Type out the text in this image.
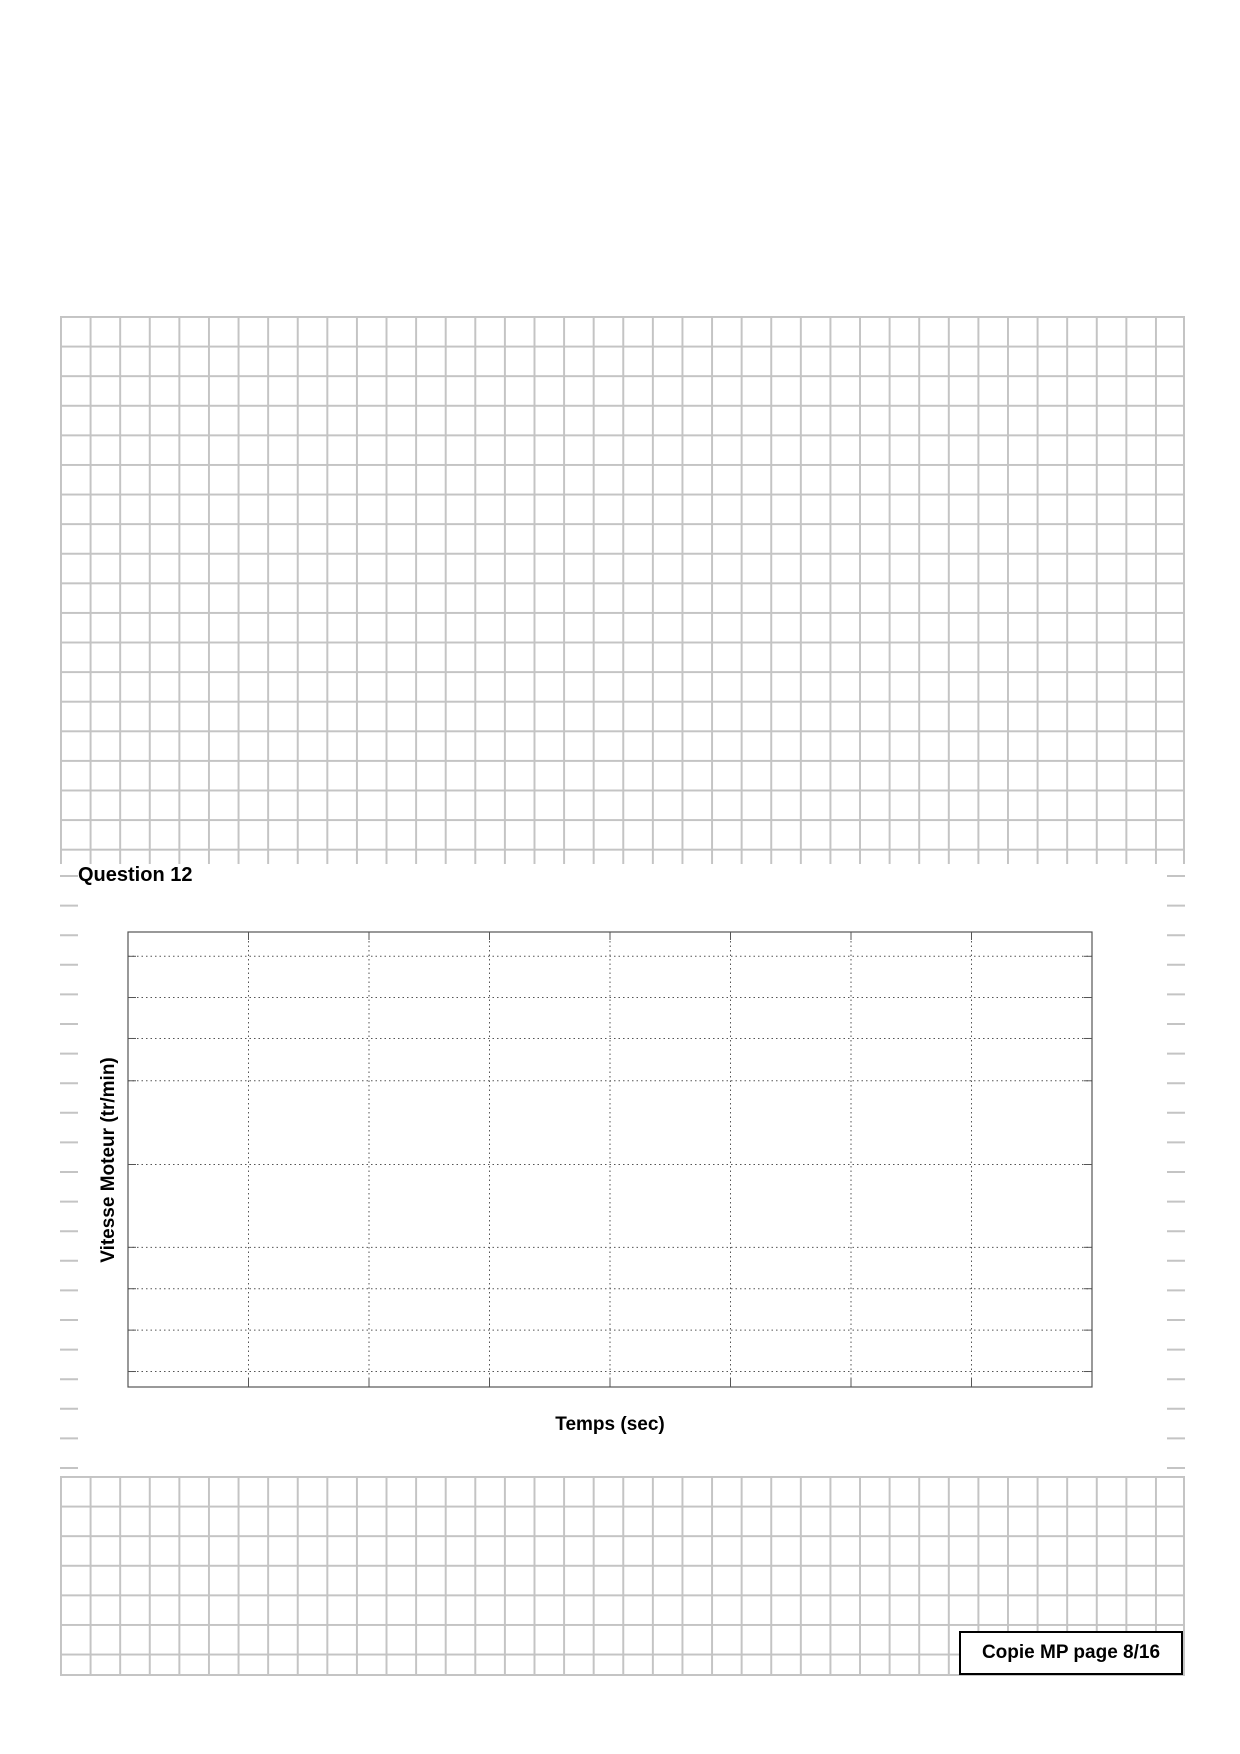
Question 12
Temps (sec)
Vitesse Moteur (tr/min)
Copie MP page 8/16
